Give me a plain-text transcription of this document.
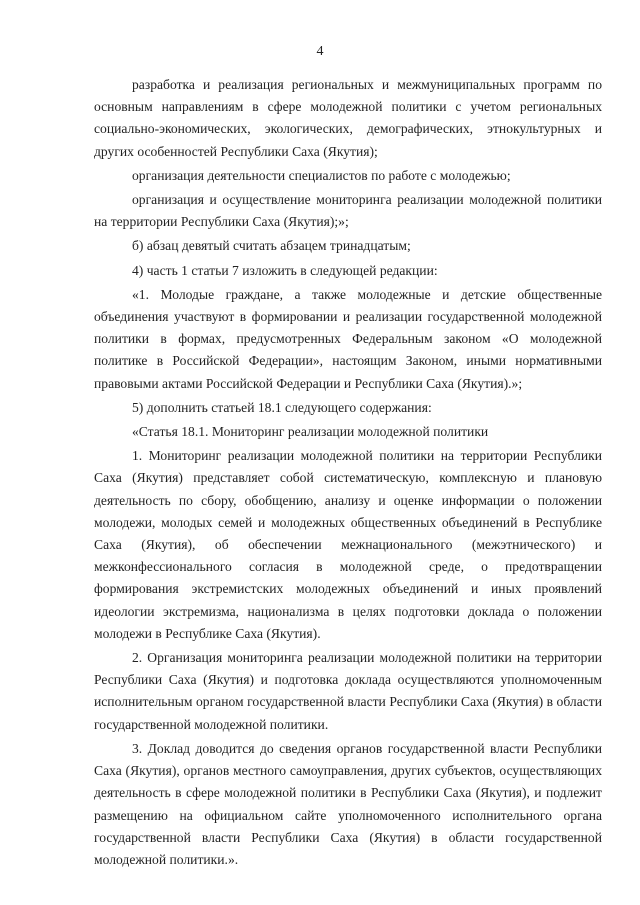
4

разработка и реализация региональных и межмуниципальных программ по основным направлениям в сфере молодежной политики с учетом региональных социально-экономических, экологических, демографических, этнокультурных и других особенностей Республики Саха (Якутия);

организация деятельности специалистов по работе с молодежью;

организация и осуществление мониторинга реализации молодежной политики на территории Республики Саха (Якутия);»;

б) абзац девятый считать абзацем тринадцатым;

4) часть 1 статьи 7 изложить в следующей редакции:

«1. Молодые граждане, а также молодежные и детские общественные объединения участвуют в формировании и реализации государственной молодежной политики в формах, предусмотренных Федеральным законом «О молодежной политике в Российской Федерации», настоящим Законом, иными нормативными правовыми актами Российской Федерации и Республики Саха (Якутия).»;

5) дополнить статьей 18.1 следующего содержания:

«Статья 18.1. Мониторинг реализации молодежной политики

1. Мониторинг реализации молодежной политики на территории Республики Саха (Якутия) представляет собой систематическую, комплексную и плановую деятельность по сбору, обобщению, анализу и оценке информации о положении молодежи, молодых семей и молодежных общественных объединений в Республике Саха (Якутия), об обеспечении межнационального (межэтнического) и межконфессионального согласия в молодежной среде, о предотвращении формирования экстремистских молодежных объединений и иных проявлений идеологии экстремизма, национализма в целях подготовки доклада о положении молодежи в Республике Саха (Якутия).

2. Организация мониторинга реализации молодежной политики на территории Республики Саха (Якутия) и подготовка доклада осуществляются уполномоченным исполнительным органом государственной власти Республики Саха (Якутия) в области государственной молодежной политики.

3. Доклад доводится до сведения органов государственной власти Республики Саха (Якутия), органов местного самоуправления, других субъектов, осуществляющих деятельность в сфере молодежной политики в Республики Саха (Якутия), и подлежит размещению на официальном сайте уполномоченного исполнительного органа государственной власти Республики Саха (Якутия) в области государственной молодежной политики.».
